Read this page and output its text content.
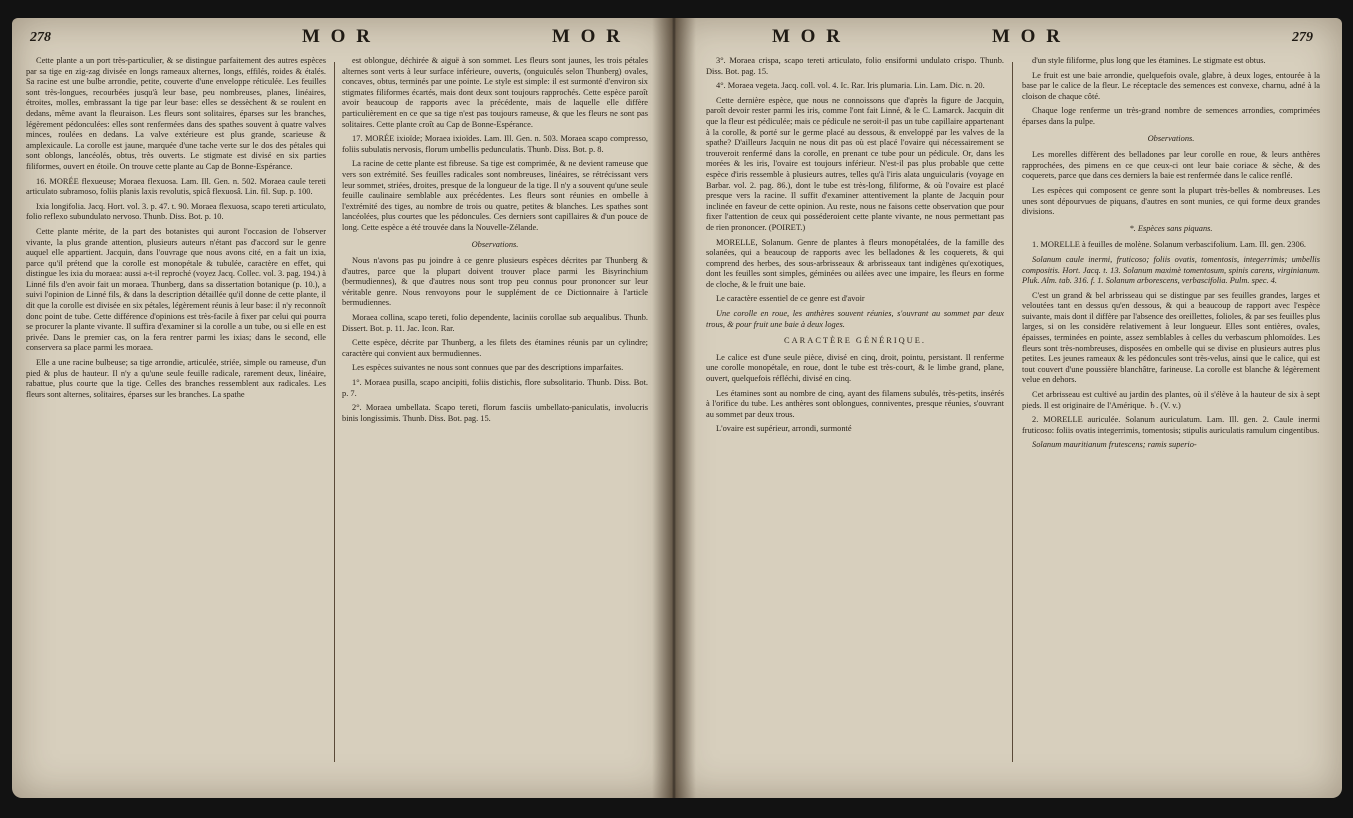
278	M O R	M O R

Cette plante a un port très-particulier, & se distingue parfaitement des autres espèces par sa tige en zig-zag divisée en longs rameaux alternes, longs, effilés, roides & étalés. Sa racine est une bulbe arrondie, petite, couverte d'une enveloppe réticulée. Les feuilles sont très-longues, recourbées jusqu'à leur base, peu nombreuses, planes, linéaires, étroites, molles, embrassant la tige par leur base: elles se dessèchent & se roulent en dedans, même avant la fleuraison. Les fleurs sont solitaires, éparses sur les branches, légèrement pédonculées: elles sont renfermées dans des spathes souvent à quatre valves minces, roulées en dedans. La valve extérieure est plus grande, scarieuse & amplexicaule. La corolle est jaune, marquée d'une tache verte sur le dos des pétales qui sont oblongs, lancéolés, obtus, très ouverts. Le stigmate est divisé en six parties filiformes, ouvert en étoile. On trouve cette plante au Cap de Bonne-Espérance.

16. MORÉE flexueuse; Moraea flexuosa. Lam. Ill. Gen. n. 502. Moraea caule tereti articulato subramoso, foliis planis laxis revolutis, spicâ flexuosâ. Lin. fil. Sup. p. 100.

Ixia longifolia. Jacq. Hort. vol. 3. p. 47. t. 90. Moraea flexuosa, scapo tereti articulato, folio reflexo subundulato nervoso. Thunb. Diss. Bot. p. 10.

Cette plante mérite, de la part des botanistes qui auront l'occasion de l'observer vivante, la plus grande attention, plusieurs auteurs n'étant pas d'accord sur le genre auquel elle appartient. Jacquin, dans l'ouvrage que nous avons cité, en a fait un ixia, parce qu'il prétend que la corolle est monopétale & tubulée, caractère en effet, qui distingue les ixia du moraea: aussi a-t-il reproché (voyez Jacq. Collec. vol. 3. pag. 194.) à Linné fils d'en avoir fait un moraea. Thunberg, dans sa dissertation botanique (p. 10.), a suivi l'opinion de Linné fils, & dans la description détaillée qu'il donne de cette plante, il dit que la corolle est divisée en six pétales, légèrement réunis à leur base: il n'y reconnoît donc point de tube. Cette différence d'opinions est très-facile à fixer par celui qui pourra se procurer la plante vivante. Il suffira d'examiner si la corolle a un tube, ou si elle en est privée. Dans le premier cas, on la fera rentrer parmi les ixias; dans le second, elle conservera sa place parmi les moraea.

Elle a une racine bulbeuse; sa tige arrondie, articulée, striée, simple ou rameuse, d'un pied & plus de hauteur. Il n'y a qu'une seule feuille radicale, rarement deux, linéaire, rabattue, plus courte que la tige. Celles des branches ressemblent aux radicales. Les fleurs sont alternes, solitaires, éparses sur les branches. La spathe

est oblongue, déchirée & aiguë à son sommet. Les fleurs sont jaunes, les trois pétales alternes sont verts à leur surface inférieure, ouverts, (onguiculés selon Thunberg) ovales, concaves, obtus, terminés par une pointe. Le style est simple: il est surmonté d'environ six stigmates filiformes écartés, mais dont deux sont toujours rapprochés. Cette espèce paroît avoir beaucoup de rapports avec la précédente, mais de laquelle elle diffère particulièrement en ce que sa tige n'est pas toujours rameuse, & que les fleurs ne sont pas solitaires. Cette plante croît au Cap de Bonne-Espérance.

17. MORÉE ixioïde; Moraea ixioïdes. Lam. Ill. Gen. n. 503. Moraea scapo compresso, foliis subulatis nervosis, florum umbellis pedunculatis. Thunb. Diss. Bot. p. 8.

La racine de cette plante est fibreuse. Sa tige est comprimée, & ne devient rameuse que vers son extrémité. Ses feuilles radicales sont nombreuses, linéaires, se rétrécissant vers leur sommet, striées, droites, presque de la longueur de la tige. Il n'y a souvent qu'une seule feuille caulinaire semblable aux précédentes. Les fleurs sont réunies en ombelle à l'extrémité des tiges, au nombre de trois ou quatre, petites & blanches. Les spathes sont lancéolées, plus courtes que les pédoncules. Ces derniers sont capillaires & d'un pouce de long. Cette espèce a été trouvée dans la Nouvelle-Zélande.

Observations.

Nous n'avons pas pu joindre à ce genre plusieurs espèces décrites par Thunberg & d'autres, parce que la plupart doivent trouver place parmi les Bisyrinchium (bermudiennes), & que d'autres nous sont trop peu connus pour prononcer sur leur véritable genre. Nous renvoyons pour le supplément de ce Dictionnaire à l'article bermudiennes.

Moraea collina, scapo tereti, folio dependente, laciniis corollae sub aequalibus. Thunb. Dissert. Bot. p. 11. Jac. Icon. Rar.

Cette espèce, décrite par Thunberg, a les filets des étamines réunis par un cylindre; caractère qui convient aux bermudiennes.

Les espèces suivantes ne nous sont connues que par des descriptions imparfaites.

1°. Moraea pusilla, scapo ancipiti, foliis distichis, flore subsolitario. Thunb. Diss. Bot. p. 7.

2°. Moraea umbellata. Scapo tereti, florum fasciis umbellato-paniculatis, involucris binis longissimis. Thunb. Diss. Bot. pag. 15.

M O R	M O R	279

3°. Moraea crispa, scapo tereti articulato, folio ensiformi undulato crispo. Thunb. Diss. Bot. pag. 15.

4°. Moraea vegeta. Jacq. coll. vol. 4. Ic. Rar. Iris plumaria. Lin. Lam. Dic. n. 20.

Cette dernière espèce, que nous ne connoissons que d'après la figure de Jacquin, paroît devoir rester parmi les iris, comme l'ont fait Linné, & le C. Lamarck. Jacquin dit que la fleur est pédiculée; mais ce pédicule ne seroit-il pas un tube capillaire appartenant à la corolle, & porté sur le germe placé au dessous, & enveloppé par les valves de la spathe? D'ailleurs Jacquin ne nous dit pas où est placé l'ovaire qui nécessairement se trouveroit renfermé dans la corolle, en prenant ce tube pour un pédicule. Or, dans les morées & les iris, l'ovaire est toujours inférieur. N'est-il pas plus probable que cette espèce d'iris ressemble à plusieurs autres, telles qu'à l'iris alata unguicularis (voyage en Barbar. vol. 2. pag. 86.), dont le tube est très-long, filiforme, & où l'ovaire est placé presque vers la racine. Il suffit d'examiner attentivement la plante de Jacquin pour inclinée en faveur de cette opinion. Au reste, nous ne faisons cette observation que pour fixer l'attention de ceux qui posséderoient cette plante vivante, ne nous permettant pas de rien prononcer. (POIRET.)

MORELLE, Solanum. Genre de plantes à fleurs monopétalées, de la famille des solanées, qui a beaucoup de rapports avec les belladones & les coquerets, & qui comprend des herbes, des sous-arbrisseaux & arbrisseaux tant indigènes qu'exotiques, dont les feuilles sont simples, géminées ou ailées avec une impaire, les fleurs en forme de cloche, & le fruit une baie.

Le caractère essentiel de ce genre est d'avoir

Une corolle en roue, les anthères souvent réunies, s'ouvrant au sommet par deux trous, & pour fruit une baie à deux loges.

CARACTÈRE GÉNÉRIQUE.

Le calice est d'une seule pièce, divisé en cinq, droit, pointu, persistant. Il renferme une corolle monopétale, en roue, dont le tube est très-court, & le limbe grand, plane, ouvert, quelquefois réfléchi, divisé en cinq.

Les étamines sont au nombre de cinq, ayant des filamens subulés, très-petits, insérés à l'orifice du tube. Les anthères sont oblongues, conniventes, presque réunies, s'ouvrant au sommet par deux trous.

L'ovaire est supérieur, arrondi, surmonté

d'un style filiforme, plus long que les étamines. Le stigmate est obtus.

Le fruit est une baie arrondie, quelquefois ovale, glabre, à deux loges, entourée à la base par le calice de la fleur. Le réceptacle des semences est convexe, charnu, adné à la cloison de chaque côté.

Chaque loge renferme un très-grand nombre de semences arrondies, comprimées éparses dans la pulpe.

Observations.

Les morelles diffèrent des belladones par leur corolle en roue, & leurs anthères rapprochées, des pimens en ce que ceux-ci ont leur baie coriace & sèche, & des coquerets, parce que dans ces derniers la baie est renfermée dans le calice renflé.

Les espèces qui composent ce genre sont la plupart très-belles & nombreuses. Les unes sont dépourvues de piquans, d'autres en sont munies, ce qui forme deux grandes divisions.

*. Espèces sans piquans.

1. MORELLE à feuilles de molène. Solanum verbascifolium. Lam. Ill. gen. 2306.

Solanum caule inermi, fruticoso; foliis ovatis, tomentosis, integerrimis; umbellis compositis. Hort. Jacq. t. 13. Solanum maximè tomentosum, spinis carens, virginianum. Pluk. Alm. tab. 316. f. 1. Solanum arborescens, verbascifolia. Pulm. spec. 4.

C'est un grand & bel arbrisseau qui se distingue par ses feuilles grandes, larges et veloutées tant en dessus qu'en dessous, & qui a beaucoup de rapport avec l'espèce suivante, mais dont il diffère par l'absence des oreillettes, folioles, & par ses feuilles plus larges, si on les considère relativement à leur longueur. Elles sont entières, ovales, épaisses, terminées en pointe, assez semblables à celles du verbascum phlomoïdes. Les fleurs sont très-nombreuses, disposées en ombelle qui se divise en plusieurs autres plus petites. Les jeunes rameaux & les pédoncules sont très-velus, ainsi que le calice, qui est tout couvert d'une poussière blanchâtre, farineuse. La corolle est blanche & légèrement velue en dehors.

Cet arbrisseau est cultivé au jardin des plantes, où il s'élève à la hauteur de six à sept pieds. Il est originaire de l'Amérique. ♄. (V. v.)

2. MORELLE auriculée. Solanum auriculatum. Lam. Ill. gen. 2. Caule inermi fruticoso: foliis ovatis integerrimis, tomentosis; stipulis auriculatis ramulum cingentibus.

Solanum mauritianum frutescens; ramis superio-
